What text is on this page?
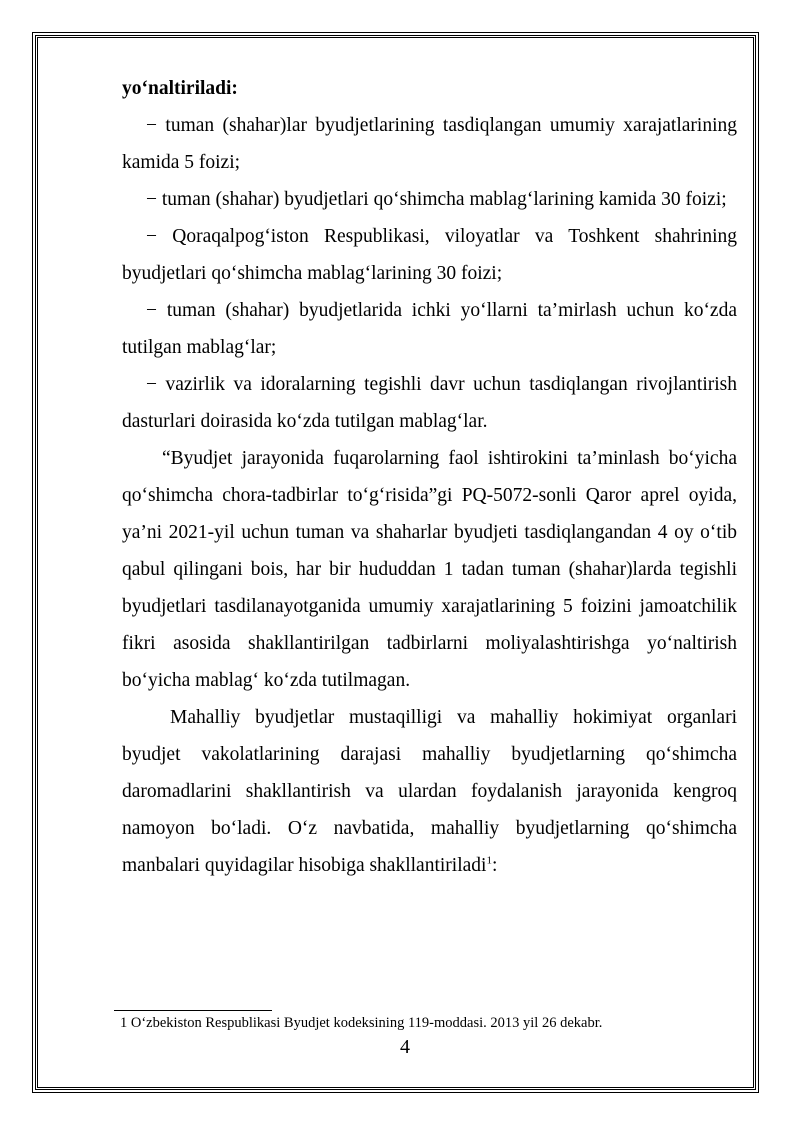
yo‘naltiriladi:

− tuman (shahar)lar byudjetlarining tasdiqlangan umumiy xarajatlarining kamida 5 foizi;

− tuman (shahar) byudjetlari qo‘shimcha mablag‘larining kamida 30 foizi;

− Qoraqalpog‘iston Respublikasi, viloyatlar va Toshkent shahrining byudjetlari qo‘shimcha mablag‘larining 30 foizi;

− tuman (shahar) byudjetlarida ichki yo‘llarni ta’mirlash uchun ko‘zda tutilgan mablag‘lar;

− vazirlik va idoralarning tegishli davr uchun tasdiqlangan rivojlantirish dasturlari doirasida ko‘zda tutilgan mablag‘lar.

“Byudjet jarayonida fuqarolarning faol ishtirokini ta’minlash bo‘yicha qo‘shimcha chora-tadbirlar to‘g‘risida”gi PQ-5072-sonli Qaror aprel oyida, ya’ni 2021-yil uchun tuman va shaharlar byudjeti tasdiqlangandan 4 oy o‘tib qabul qilingani bois, har bir hududdan 1 tadan tuman (shahar)larda tegishli byudjetlari tasdilanayotganida umumiy xarajatlarining 5 foizini jamoatchilik fikri asosida shakllantirilgan tadbirlarni moliyalashtirishga yo‘naltirish bo‘yicha mablag‘ ko‘zda tutilmagan.

Mahalliy byudjetlar mustaqilligi va mahalliy hokimiyat organlari byudjet vakolatlarining darajasi mahalliy byudjetlarning qo‘shimcha daromadlarini shakllantirish va ulardan foydalanish jarayonida kengroq namoyon bo‘ladi. O‘z navbatida, mahalliy byudjetlarning qo‘shimcha manbalari quyidagilar hisobiga shakllantiriladi$^1$:

1 O‘zbekiston Respublikasi Byudjet kodeksining 119-moddasi. 2013 yil 26 dekabr.
4
